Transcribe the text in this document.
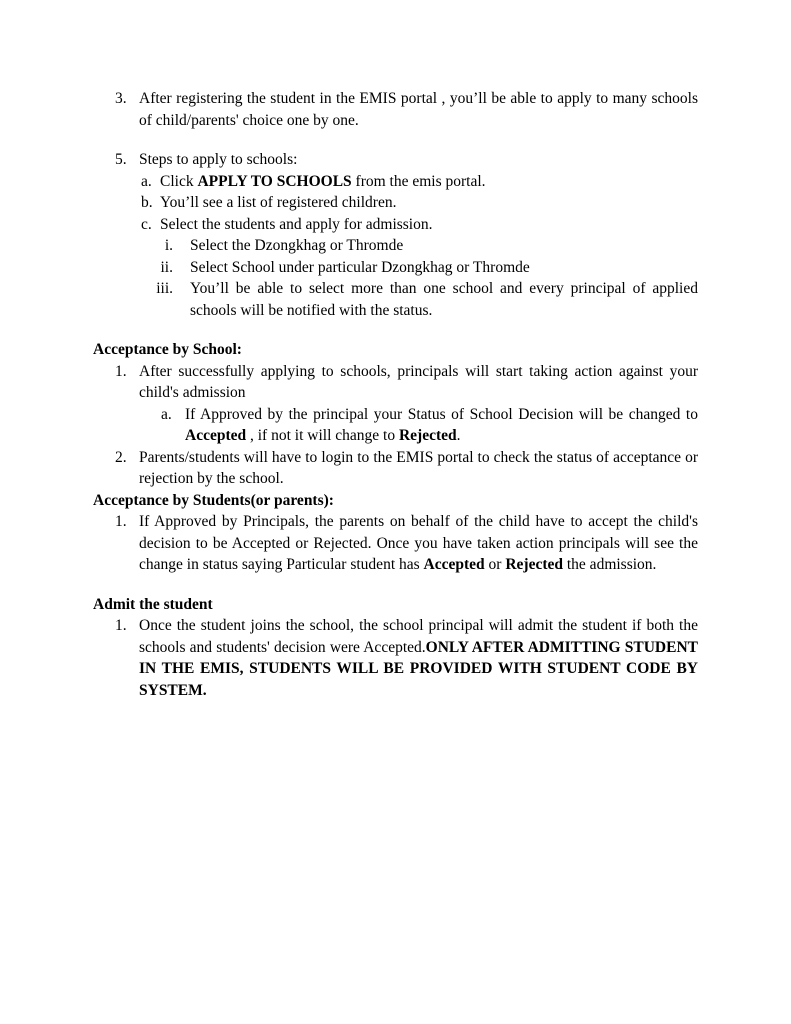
3. After registering the student in the EMIS portal , you’ll be able to apply to many schools of child/parents' choice one by one.
5. Steps to apply to schools:
a. Click APPLY TO SCHOOLS from the emis portal.
b. You’ll see a list of registered children.
c. Select the students and apply for admission.
i. Select the Dzongkhag or Thromde
ii. Select School under particular Dzongkhag or Thromde
iii. You’ll be able to select more than one school and every principal of applied schools will be notified with the status.
Acceptance by School:
1. After successfully applying to schools, principals will start taking action against your child's admission
a. If Approved by the principal your Status of School Decision will be changed to Accepted , if not it will change to Rejected.
2. Parents/students will have to login to the EMIS portal to check the status of acceptance or rejection by the school.
Acceptance by Students(or parents):
1. If Approved by Principals, the parents on behalf of the child have to accept the child's decision to be Accepted or Rejected. Once you have taken action principals will see the change in status saying Particular student has Accepted or Rejected the admission.
Admit the student
1. Once the student joins the school, the school principal will admit the student if both the schools and students' decision were Accepted.ONLY AFTER ADMITTING STUDENT IN THE EMIS, STUDENTS WILL BE PROVIDED WITH STUDENT CODE BY SYSTEM.
